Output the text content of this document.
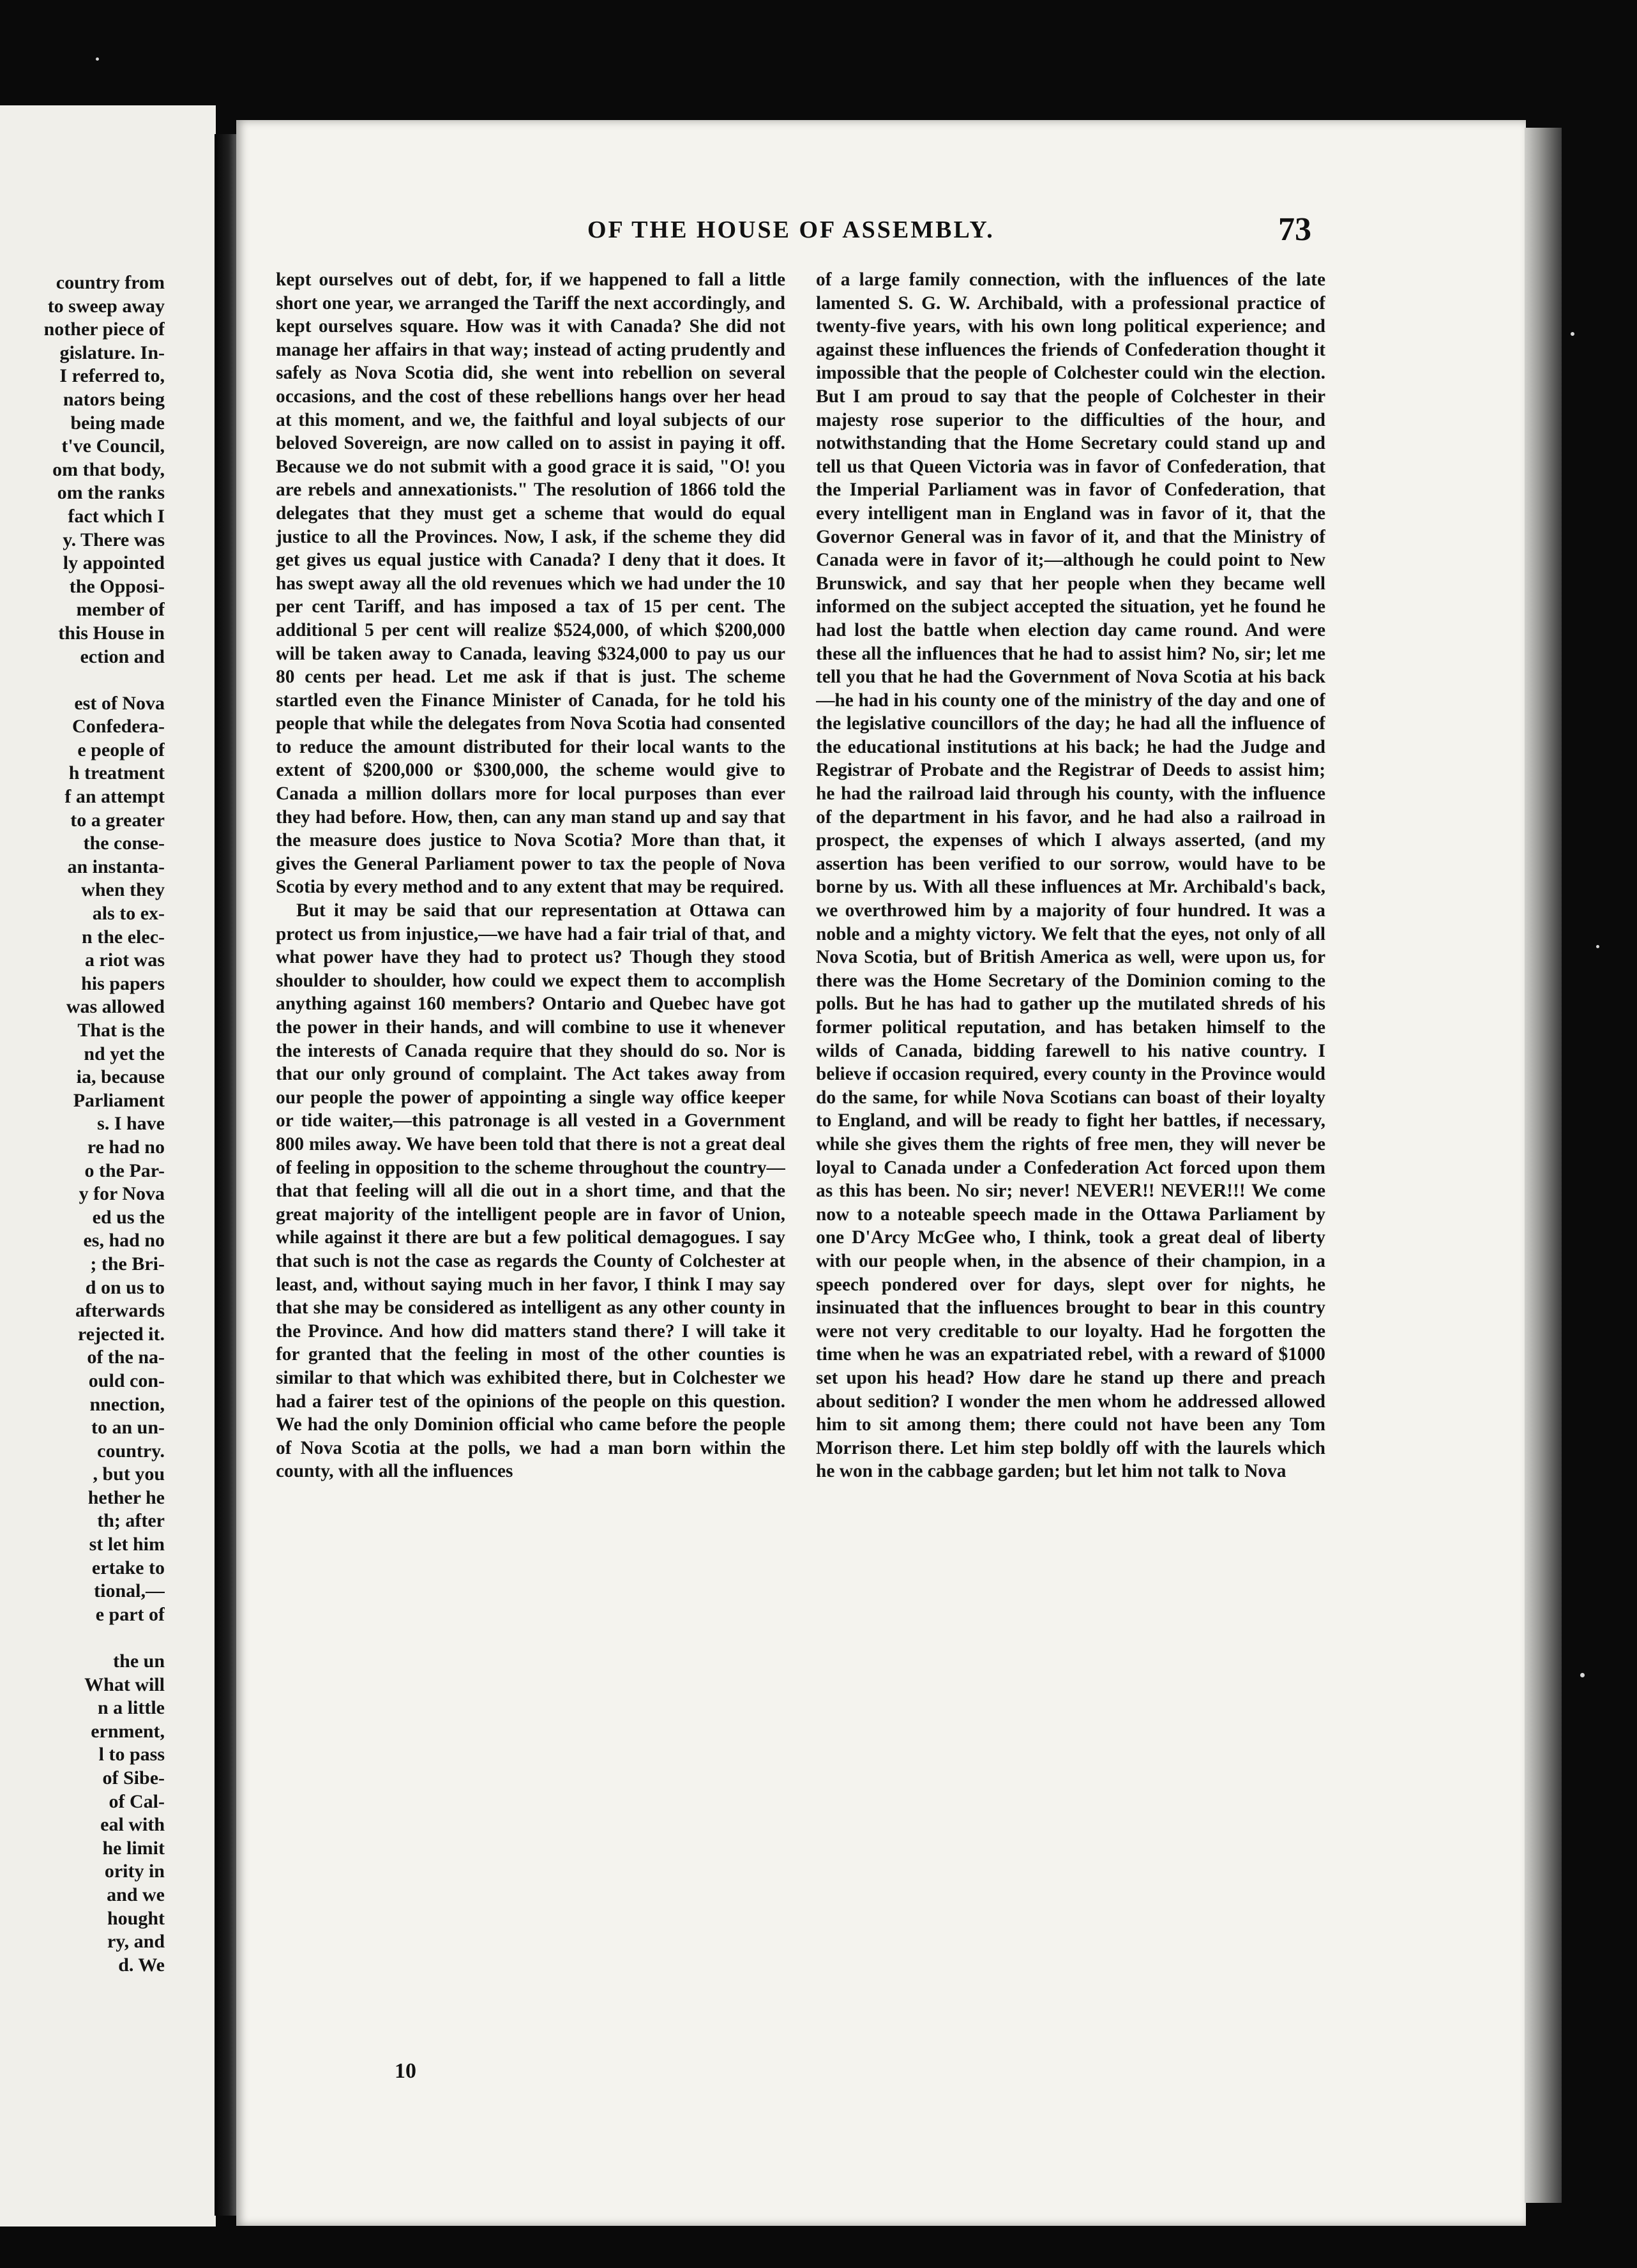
country from
to sweep away
nother piece of
gislature. In-
I referred to,
nators being
being made
t've Council,
om that body,
om the ranks
fact which I
y. There was
ly appointed
the Opposi-
member of
this House in
ection and
est of Nova
Confedera-
e people of
h treatment
f an attempt
to a greater
the conse-
an instanta-
when they
als to ex-
n the elec-
a riot was
his papers
was allowed
That is the
nd yet the
ia, because
Parliament
s. I have
re had no
o the Par-
y for Nova
ed us the
es, had no
; the Bri-
d on us to
afterwards
rejected it.
of the na-
ould con-
nnection,
to an un-
country.
, but you
hether he
th; after
st let him
ertake to
tional,—
e part of
the un
What will
n a little
ernment,
l to pass
of Sibe-
of Cal-
eal with
he limit
ority in
and we
hought
ry, and
d. We
OF THE HOUSE OF ASSEMBLY.	73

kept ourselves out of debt, for, if we happened to fall a little short one year, we arranged the Tariff the next accordingly, and kept ourselves square. How was it with Canada? She did not manage her affairs in that way; instead of acting prudently and safely as Nova Scotia did, she went into rebellion on several occasions, and the cost of these rebellions hangs over her head at this moment, and we, the faithful and loyal subjects of our beloved Sovereign, are now called on to assist in paying it off. Because we do not submit with a good grace it is said, "O! you are rebels and annexationists." The resolution of 1866 told the delegates that they must get a scheme that would do equal justice to all the Provinces. Now, I ask, if the scheme they did get gives us equal justice with Canada? I deny that it does. It has swept away all the old revenues which we had under the 10 per cent Tariff, and has imposed a tax of 15 per cent. The additional 5 per cent will realize $524,000, of which $200,000 will be taken away to Canada, leaving $324,000 to pay us our 80 cents per head. Let me ask if that is just. The scheme startled even the Finance Minister of Canada, for he told his people that while the delegates from Nova Scotia had consented to reduce the amount distributed for their local wants to the extent of $200,000 or $300,000, the scheme would give to Canada a million dollars more for local purposes than ever they had before. How, then, can any man stand up and say that the measure does justice to Nova Scotia? More than that, it gives the General Parliament power to tax the people of Nova Scotia by every method and to any extent that may be required.

But it may be said that our representation at Ottawa can protect us from injustice,—we have had a fair trial of that, and what power have they had to protect us? Though they stood shoulder to shoulder, how could we expect them to accomplish anything against 160 members? Ontario and Quebec have got the power in their hands, and will combine to use it whenever the interests of Canada require that they should do so. Nor is that our only ground of complaint. The Act takes away from our people the power of appointing a single way office keeper or tide waiter,—this patronage is all vested in a Government 800 miles away. We have been told that there is not a great deal of feeling in opposition to the scheme throughout the country—that that feeling will all die out in a short time, and that the great majority of the intelligent people are in favor of Union, while against it there are but a few political demagogues. I say that such is not the case as regards the County of Colchester at least, and, without saying much in her favor, I think I may say that she may be considered as intelligent as any other county in the Province. And how did matters stand there? I will take it for granted that the feeling in most of the other counties is similar to that which was exhibited there, but in Colchester we had a fairer test of the opinions of the people on this question. We had the only Dominion official who came before the people of Nova Scotia at the polls, we had a man born within the county, with all the influences

of a large family connection, with the influences of the late lamented S. G. W. Archibald, with a professional practice of twenty-five years, with his own long political experience; and against these influences the friends of Confederation thought it impossible that the people of Colchester could win the election. But I am proud to say that the people of Colchester in their majesty rose superior to the difficulties of the hour, and notwithstanding that the Home Secretary could stand up and tell us that Queen Victoria was in favor of Confederation, that the Imperial Parliament was in favor of Confederation, that every intelligent man in England was in favor of it, that the Governor General was in favor of it, and that the Ministry of Canada were in favor of it;—although he could point to New Brunswick, and say that her people when they became well informed on the subject accepted the situation, yet he found he had lost the battle when election day came round. And were these all the influences that he had to assist him? No, sir; let me tell you that he had the Government of Nova Scotia at his back—he had in his county one of the ministry of the day and one of the legislative councillors of the day; he had all the influence of the educational institutions at his back; he had the Judge and Registrar of Probate and the Registrar of Deeds to assist him; he had the railroad laid through his county, with the influence of the department in his favor, and he had also a railroad in prospect, the expenses of which I always asserted, (and my assertion has been verified to our sorrow, would have to be borne by us. With all these influences at Mr. Archibald's back, we overthrowed him by a majority of four hundred. It was a noble and a mighty victory. We felt that the eyes, not only of all Nova Scotia, but of British America as well, were upon us, for there was the Home Secretary of the Dominion coming to the polls. But he has had to gather up the mutilated shreds of his former political reputation, and has betaken himself to the wilds of Canada, bidding farewell to his native country. I believe if occasion required, every county in the Province would do the same, for while Nova Scotians can boast of their loyalty to England, and will be ready to fight her battles, if necessary, while she gives them the rights of free men, they will never be loyal to Canada under a Confederation Act forced upon them as this has been. No sir; never! NEVER!! NEVER!!! We come now to a noteable speech made in the Ottawa Parliament by one D'Arcy McGee who, I think, took a great deal of liberty with our people when, in the absence of their champion, in a speech pondered over for days, slept over for nights, he insinuated that the influences brought to bear in this country were not very creditable to our loyalty. Had he forgotten the time when he was an expatriated rebel, with a reward of $1000 set upon his head? How dare he stand up there and preach about sedition? I wonder the men whom he addressed allowed him to sit among them; there could not have been any Tom Morrison there. Let him step boldly off with the laurels which he won in the cabbage garden; but let him not talk to Nova

10
